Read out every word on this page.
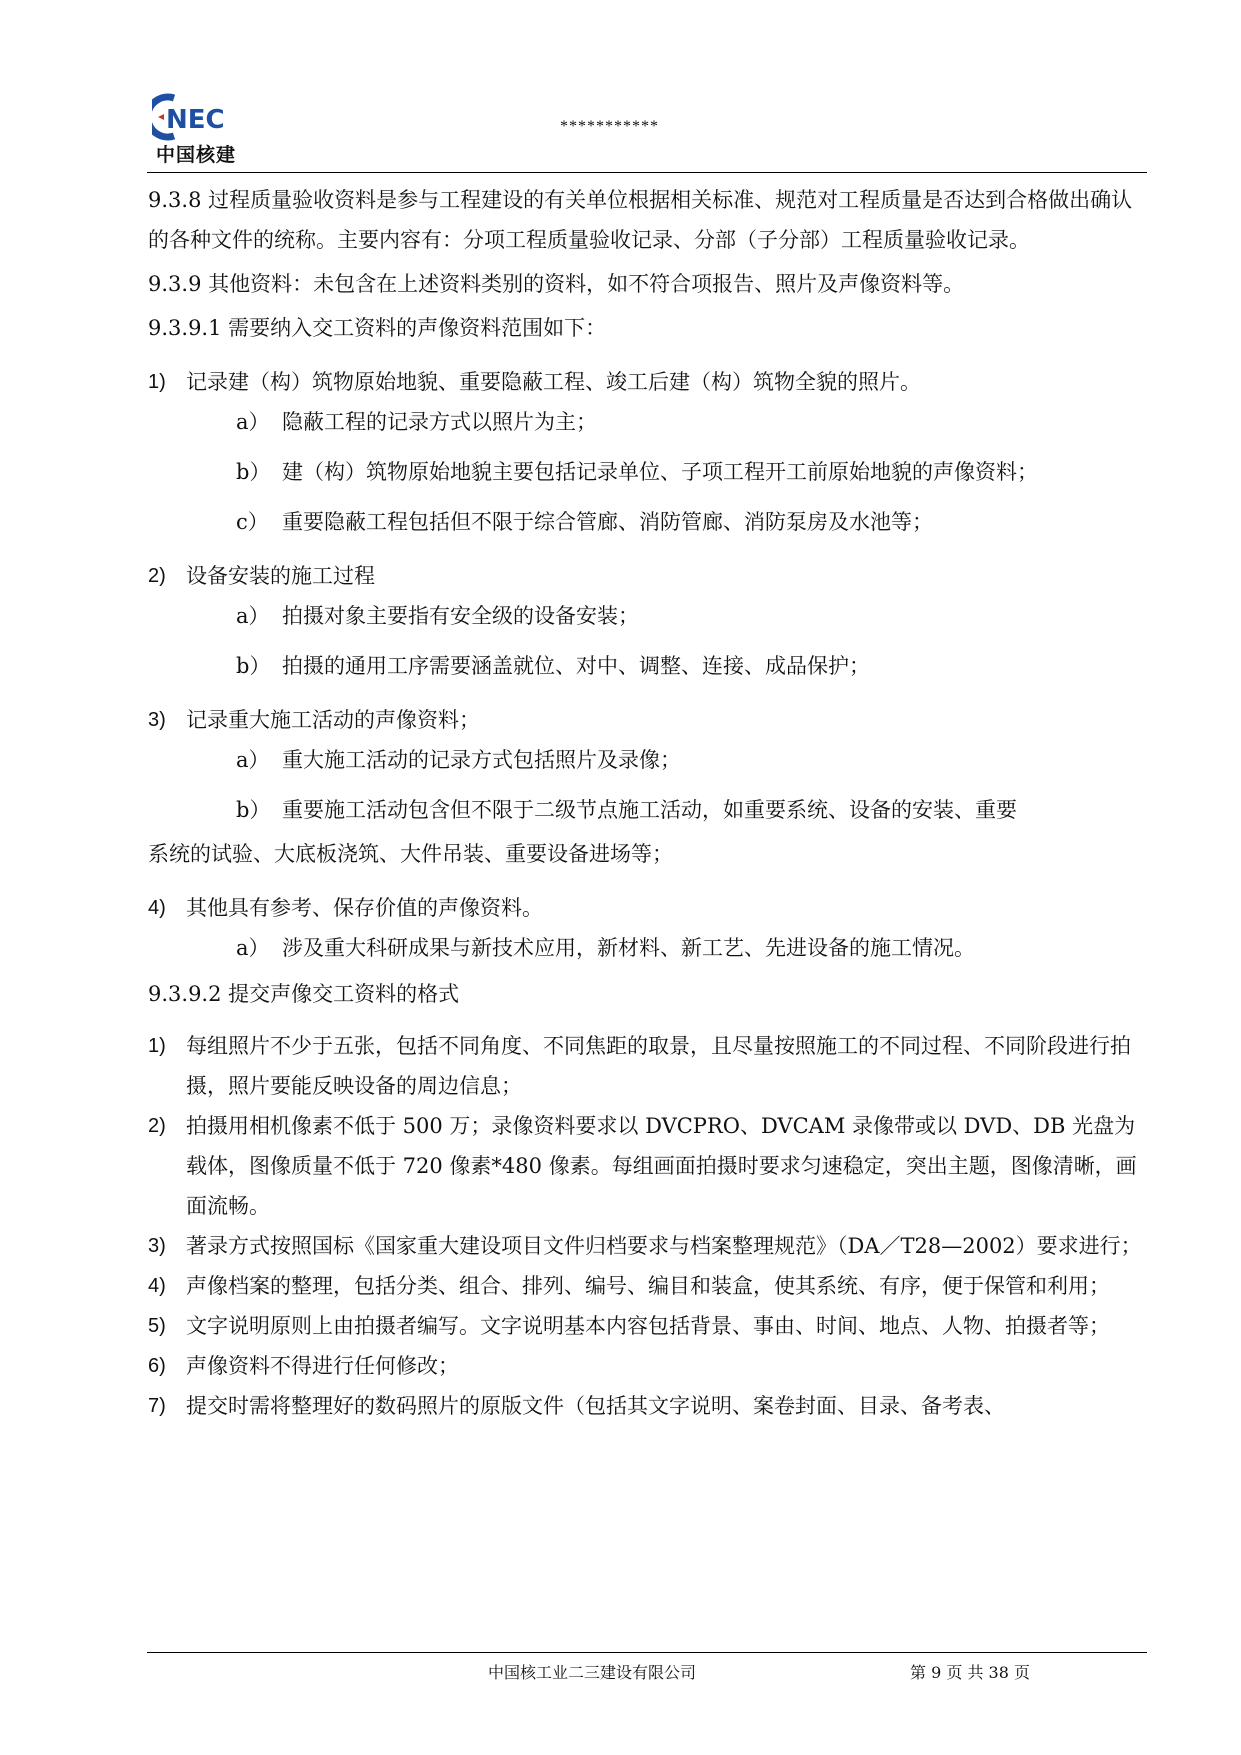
NEC
中国核建
***********

9.3.8 过程质量验收资料是参与工程建设的有关单位根据相关标准、规范对工程质量是否达到合格做出确认的各种文件的统称。主要内容有：分项工程质量验收记录、分部（子分部）工程质量验收记录。

9.3.9 其他资料：未包含在上述资料类别的资料，如不符合项报告、照片及声像资料等。

9.3.9.1 需要纳入交工资料的声像资料范围如下：

1) 记录建（构）筑物原始地貌、重要隐蔽工程、竣工后建（构）筑物全貌的照片。

a） 隐蔽工程的记录方式以照片为主；

b） 建（构）筑物原始地貌主要包括记录单位、子项工程开工前原始地貌的声像资料；

c） 重要隐蔽工程包括但不限于综合管廊、消防管廊、消防泵房及水池等；

2) 设备安装的施工过程

a） 拍摄对象主要指有安全级的设备安装；

b） 拍摄的通用工序需要涵盖就位、对中、调整、连接、成品保护；

3) 记录重大施工活动的声像资料；

a） 重大施工活动的记录方式包括照片及录像；

b） 重要施工活动包含但不限于二级节点施工活动，如重要系统、设备的安装、重要

系统的试验、大底板浇筑、大件吊装、重要设备进场等；

4) 其他具有参考、保存价值的声像资料。

a） 涉及重大科研成果与新技术应用，新材料、新工艺、先进设备的施工情况。

9.3.9.2 提交声像交工资料的格式

1) 每组照片不少于五张，包括不同角度、不同焦距的取景，且尽量按照施工的不同过程、不同阶段进行拍摄，照片要能反映设备的周边信息；
2) 拍摄用相机像素不低于 500 万；录像资料要求以 DVCPRO、DVCAM 录像带或以 DVD、DB 光盘为载体，图像质量不低于 720 像素*480 像素。每组画面拍摄时要求匀速稳定，突出主题，图像清晰，画面流畅。
3) 著录方式按照国标《国家重大建设项目文件归档要求与档案整理规范》（DA／T28—2002）要求进行；
4) 声像档案的整理，包括分类、组合、排列、编号、编目和装盒，使其系统、有序，便于保管和利用；
5) 文字说明原则上由拍摄者编写。文字说明基本内容包括背景、事由、时间、地点、人物、拍摄者等；
6) 声像资料不得进行任何修改；
7) 提交时需将整理好的数码照片的原版文件（包括其文字说明、案卷封面、目录、备考表、
中国核工业二三建设有限公司	第 9 页 共 38 页
